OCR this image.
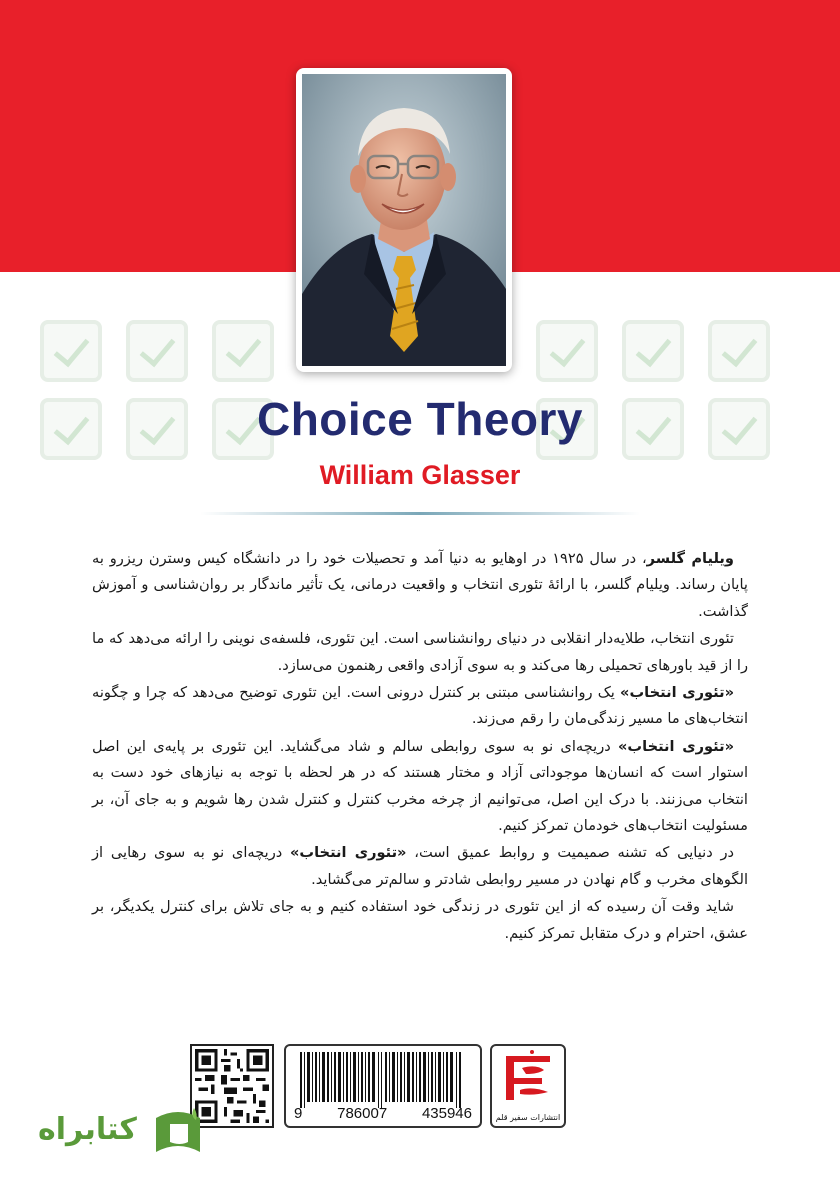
Choice Theory
William Glasser

ویلیام گلسر، در سال ۱۹۲۵ در اوهایو به دنیا آمد و تحصیلات خود را در دانشگاه کیس وسترن ریزرو به پایان رساند. ویلیام گلسر، با ارائهٔ تئوری انتخاب و واقعیت درمانی، یک تأثیر ماندگار بر روان‌شناسی و آموزش گذاشت.

تئوری انتخاب، طلایه‌دار انقلابی در دنیای روانشناسی است. این تئوری، فلسفه‌ی نوینی را ارائه می‌دهد که ما را از قید باورهای تحمیلی رها می‌کند و به سوی آزادی واقعی رهنمون می‌سازد.

«تئوری انتخاب» یک روانشناسی مبتنی بر کنترل درونی است. این تئوری توضیح می‌دهد که چرا و چگونه انتخاب‌های ما مسیر زندگی‌مان را رقم می‌زند.

«تئوری انتخاب» دریچه‌ای نو به سوی روابطی سالم و شاد می‌گشاید. این تئوری بر پایه‌ی این اصل استوار است که انسان‌ها موجوداتی آزاد و مختار هستند که در هر لحظه با توجه به نیازهای خود دست به انتخاب می‌زنند. با درک این اصل، می‌توانیم از چرخه مخرب کنترل و کنترل شدن رها شویم و به جای آن، بر مسئولیت انتخاب‌های خودمان تمرکز کنیم.

در دنیایی که تشنه صمیمیت و روابط عمیق است، «تئوری انتخاب» دریچه‌ای نو به سوی رهایی از الگوهای مخرب و گام نهادن در مسیر روابطی شادتر و سالم‌تر می‌گشاید.

شاید وقت آن رسیده که از این تئوری در زندگی خود استفاده کنیم و به جای تلاش برای کنترل یکدیگر، بر عشق، احترام و درک متقابل تمرکز کنیم.

9 786007 435946	انتشارات سفیر قلم
کتابراه
